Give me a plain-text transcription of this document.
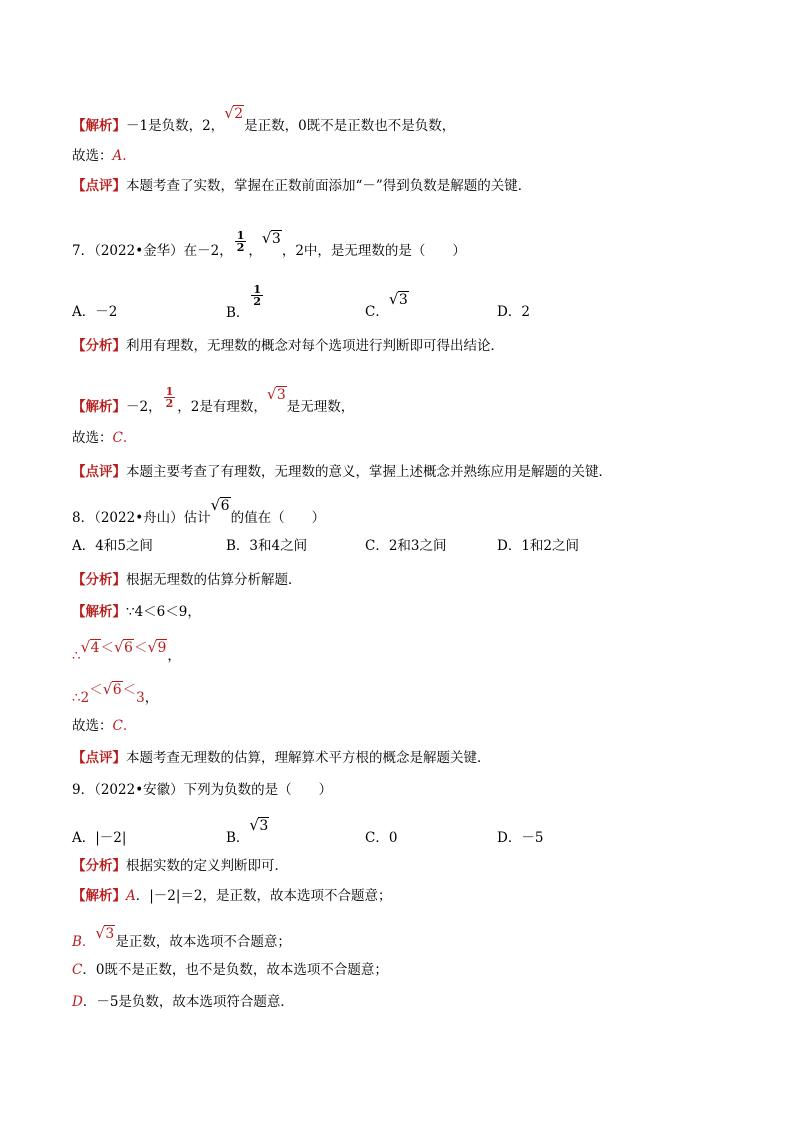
【解析】－1是负数，2，
√ 2是正数，0既不是正数也不是负数，
故选：A.
【点评】本题考查了实数，掌握在正数前面添加“－”得到负数是解题的关键．
7．（2022•金华）在－2， $\frac{1}{2}$ ，
√ 3，2中，是无理数的是（　　）
A．－2	B．
$\frac{1}{2}$
C．
√ 3
D．2
【分析】利用有理数，无理数的概念对每个选项进行判断即可得出结论．
【解析】－2， $\frac{1}{2}$ ，2是有理数，
√ 3是无理数，
故选：C.
【点评】本题主要考查了有理数，无理数的意义，掌握上述概念并熟练应用是解题的关键．
8．（2022•舟山）估计
√ 6的值在（　　）
A．4和5之间	B．3和4之间	C．2和3之间	D．1和2之间
【分析】根据无理数的估算分析解题．
【解析】∵4＜6＜9，
∴ √ 4＜ √ 6＜ √ 9，
∴2＜ √ 6＜3，
故选：C.
【点评】本题考查无理数的估算，理解算术平方根的概念是解题关键．
9．（2022•安徽）下列为负数的是（　　）
A．|－2|	B．
√ 3
C．0	D．－5
【分析】根据实数的定义判断即可．
【解析】A．|－2|＝2，是正数，故本选项不合题意；
B． √ 3是正数，故本选项不合题意；
C．0既不是正数，也不是负数，故本选项不合题意；
D．－5是负数，故本选项符合题意．
